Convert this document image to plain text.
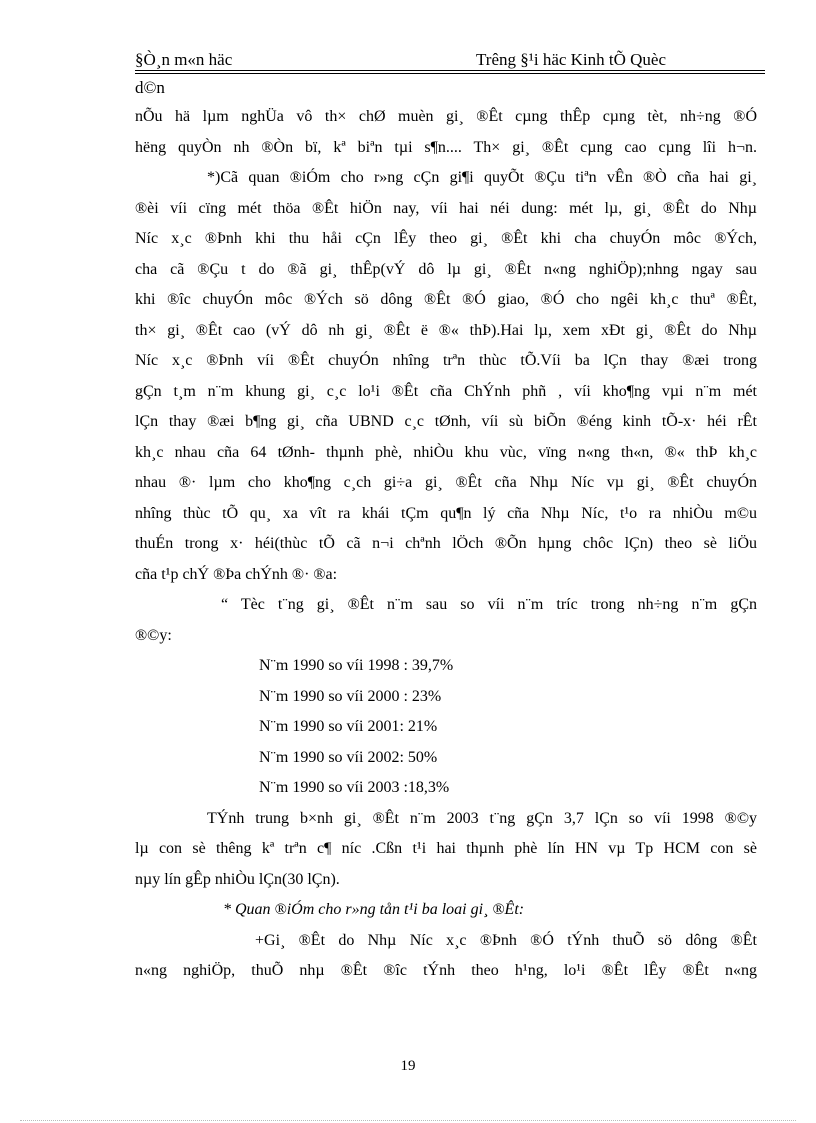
§Ò¸n m«n häc	Trêng §¹i häc Kinh tÕ Quèc
d©n
nÕu hä lµm nghÜa vô th× chØ muèn gi¸ ®Êt cµng thÊp cµng tèt, nh÷ng ®Ó
hëng quyÒn nh ®Òn bï, kª biªn tµi s¶n.... Th× gi¸ ®Êt cµng cao cµng lîi h¬n.
*)Cã quan ®iÓm cho r»ng cÇn gi¶i quyÕt ®Çu tiªn vÊn ®Ò cña hai gi¸
®èi víi cïng mét thöa ®Êt hiÖn nay, víi hai néi dung: mét lµ, gi¸ ®Êt do Nhµ
Níc x¸c ®Þnh khi thu håi cÇn lÊy theo gi¸ ®Êt khi cha chuyÓn môc ®Ých,
cha cã ®Çu t do ®ã gi¸ thÊp(vÝ dô lµ gi¸ ®Êt n«ng nghiÖp);nhng ngay sau
khi ®îc chuyÓn môc ®Ých sö dông ®Êt ®Ó giao, ®Ó cho ngêi kh¸c thuª ®Êt,
th× gi¸ ®Êt cao (vÝ dô nh gi¸ ®Êt ë ®« thÞ).Hai lµ, xem xÐt gi¸ ®Êt do Nhµ
Níc x¸c ®Þnh víi ®Êt chuyÓn nhîng trªn thùc tÕ.Víi ba lÇn thay ®æi trong
gÇn t¸m n¨m khung gi¸ c¸c lo¹i ®Êt cña ChÝnh phñ , víi kho¶ng vµi n¨m mét
lÇn thay ®æi b¶ng gi¸ cña UBND c¸c tØnh, víi sù biÕn ®éng kinh tÕ-x· héi rÊt
kh¸c nhau cña 64 tØnh- thµnh phè, nhiÒu khu vùc, vïng n«ng th«n, ®« thÞ kh¸c
nhau ®· lµm cho kho¶ng c¸ch gi÷a gi¸ ®Êt cña Nhµ Níc vµ gi¸ ®Êt chuyÓn
nhîng thùc tÕ qu¸ xa vît ra khái tÇm qu¶n lý cña Nhµ Níc, t¹o ra nhiÒu m©u
thuÉn trong x· héi(thùc tÕ cã n¬i chªnh lÖch ®Õn hµng chôc lÇn) theo sè liÖu
cña t¹p chÝ ®Þa chÝnh ®· ®a:
“ Tèc t¨ng gi¸ ®Êt n¨m sau so víi n¨m tríc trong nh÷ng n¨m gÇn
®©y:
N¨m 1990 so víi 1998 : 39,7%
N¨m 1990 so víi 2000 : 23%
N¨m 1990 so víi 2001: 21%
N¨m 1990 so víi 2002: 50%
N¨m 1990 so víi 2003 :18,3%
TÝnh trung b×nh gi¸ ®Êt n¨m 2003 t¨ng gÇn 3,7 lÇn so víi 1998 ®©y
lµ con sè thêng kª trªn c¶ níc .Cßn t¹i hai thµnh phè lín HN vµ Tp HCM con sè
nµy lín gÊp nhiÒu lÇn(30 lÇn).
* Quan ®iÓm cho r»ng tån t¹i ba loai gi¸ ®Êt:
+Gi¸ ®Êt do Nhµ Níc x¸c ®Þnh ®Ó tÝnh thuÕ sö dông ®Êt
n«ng nghiÖp, thuÕ nhµ ®Êt ®îc tÝnh theo h¹ng, lo¹i ®Êt lÊy ®Êt n«ng
19
